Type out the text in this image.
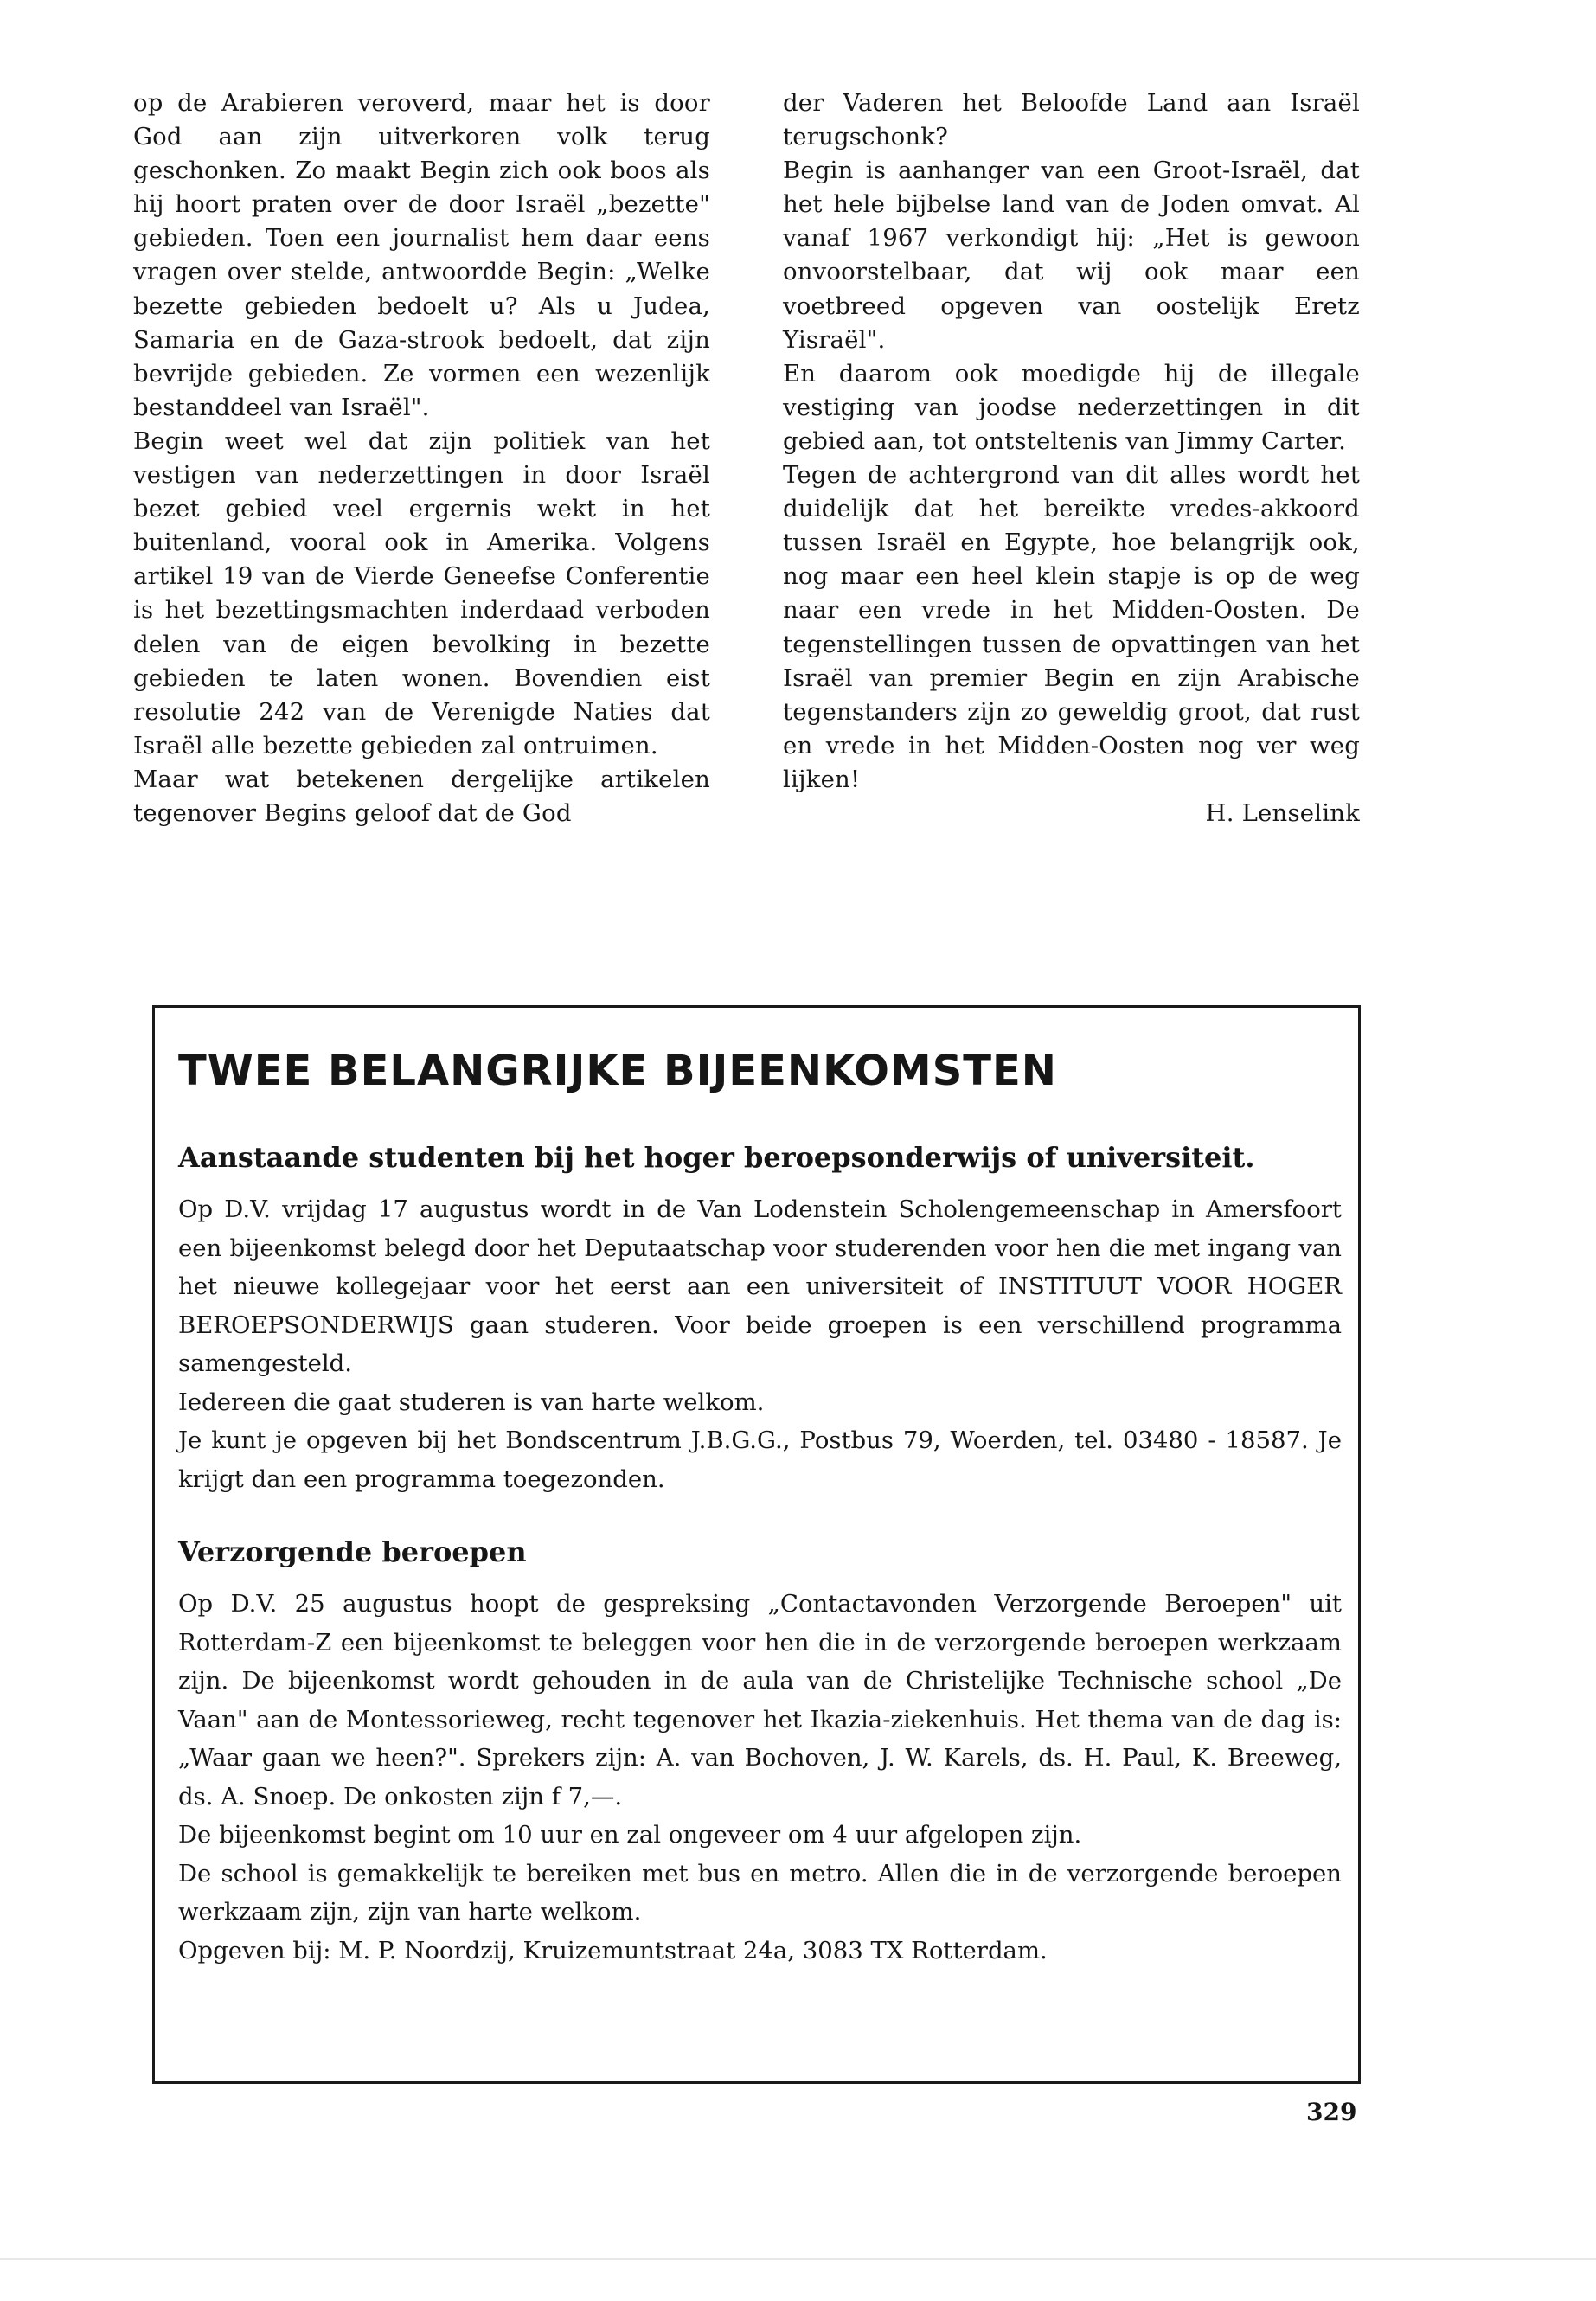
op de Arabieren veroverd, maar het is door God aan zijn uitverkoren volk terug geschonken. Zo maakt Begin zich ook boos als hij hoort praten over de door Israël „bezette" gebieden. Toen een journalist hem daar eens vragen over stelde, antwoordde Begin: „Welke bezette gebieden bedoelt u? Als u Judea, Samaria en de Gaza-strook bedoelt, dat zijn bevrijde gebieden. Ze vormen een wezenlijk bestanddeel van Israël".

Begin weet wel dat zijn politiek van het vestigen van nederzettingen in door Israël bezet gebied veel ergernis wekt in het buitenland, vooral ook in Amerika. Volgens artikel 19 van de Vierde Geneefse Conferentie is het bezettingsmachten inderdaad verboden delen van de eigen bevolking in bezette gebieden te laten wonen. Bovendien eist resolutie 242 van de Verenigde Naties dat Israël alle bezette gebieden zal ontruimen.

Maar wat betekenen dergelijke artikelen tegenover Begins geloof dat de God

der Vaderen het Beloofde Land aan Israël terugschonk?

Begin is aanhanger van een Groot-Israël, dat het hele bijbelse land van de Joden omvat. Al vanaf 1967 verkondigt hij: „Het is gewoon onvoorstelbaar, dat wij ook maar een voetbreed opgeven van oostelijk Eretz Yisraël".

En daarom ook moedigde hij de illegale vestiging van joodse nederzettingen in dit gebied aan, tot ontsteltenis van Jimmy Carter.

Tegen de achtergrond van dit alles wordt het duidelijk dat het bereikte vredes-akkoord tussen Israël en Egypte, hoe belangrijk ook, nog maar een heel klein stapje is op de weg naar een vrede in het Midden-Oosten. De tegenstellingen tussen de opvattingen van het Israël van premier Begin en zijn Arabische tegenstanders zijn zo geweldig groot, dat rust en vrede in het Midden-Oosten nog ver weg lijken!

H. Lenselink

TWEE BELANGRIJKE BIJEENKOMSTEN
Aanstaande studenten bij het hoger beroepsonderwijs of universiteit.

Op D.V. vrijdag 17 augustus wordt in de Van Lodenstein Scholengemeenschap in Amersfoort een bijeenkomst belegd door het Deputaatschap voor studerenden voor hen die met ingang van het nieuwe kollegejaar voor het eerst aan een universiteit of INSTITUUT VOOR HOGER BEROEPSONDERWIJS gaan studeren. Voor beide groepen is een verschillend programma samengesteld.

Iedereen die gaat studeren is van harte welkom.

Je kunt je opgeven bij het Bondscentrum J.B.G.G., Postbus 79, Woerden, tel. 03480 - 18587. Je krijgt dan een programma toegezonden.

Verzorgende beroepen

Op D.V. 25 augustus hoopt de gespreksing „Contactavonden Verzorgende Beroepen" uit Rotterdam-Z een bijeenkomst te beleggen voor hen die in de verzorgende beroepen werkzaam zijn. De bijeenkomst wordt gehouden in de aula van de Christelijke Technische school „De Vaan" aan de Montessorieweg, recht tegenover het Ikazia-ziekenhuis. Het thema van de dag is: „Waar gaan we heen?". Sprekers zijn: A. van Bochoven, J. W. Karels, ds. H. Paul, K. Breeweg, ds. A. Snoep. De onkosten zijn f 7,—.

De bijeenkomst begint om 10 uur en zal ongeveer om 4 uur afgelopen zijn.

De school is gemakkelijk te bereiken met bus en metro. Allen die in de verzorgende beroepen werkzaam zijn, zijn van harte welkom.

Opgeven bij: M. P. Noordzij, Kruizemuntstraat 24a, 3083 TX Rotterdam.

329
